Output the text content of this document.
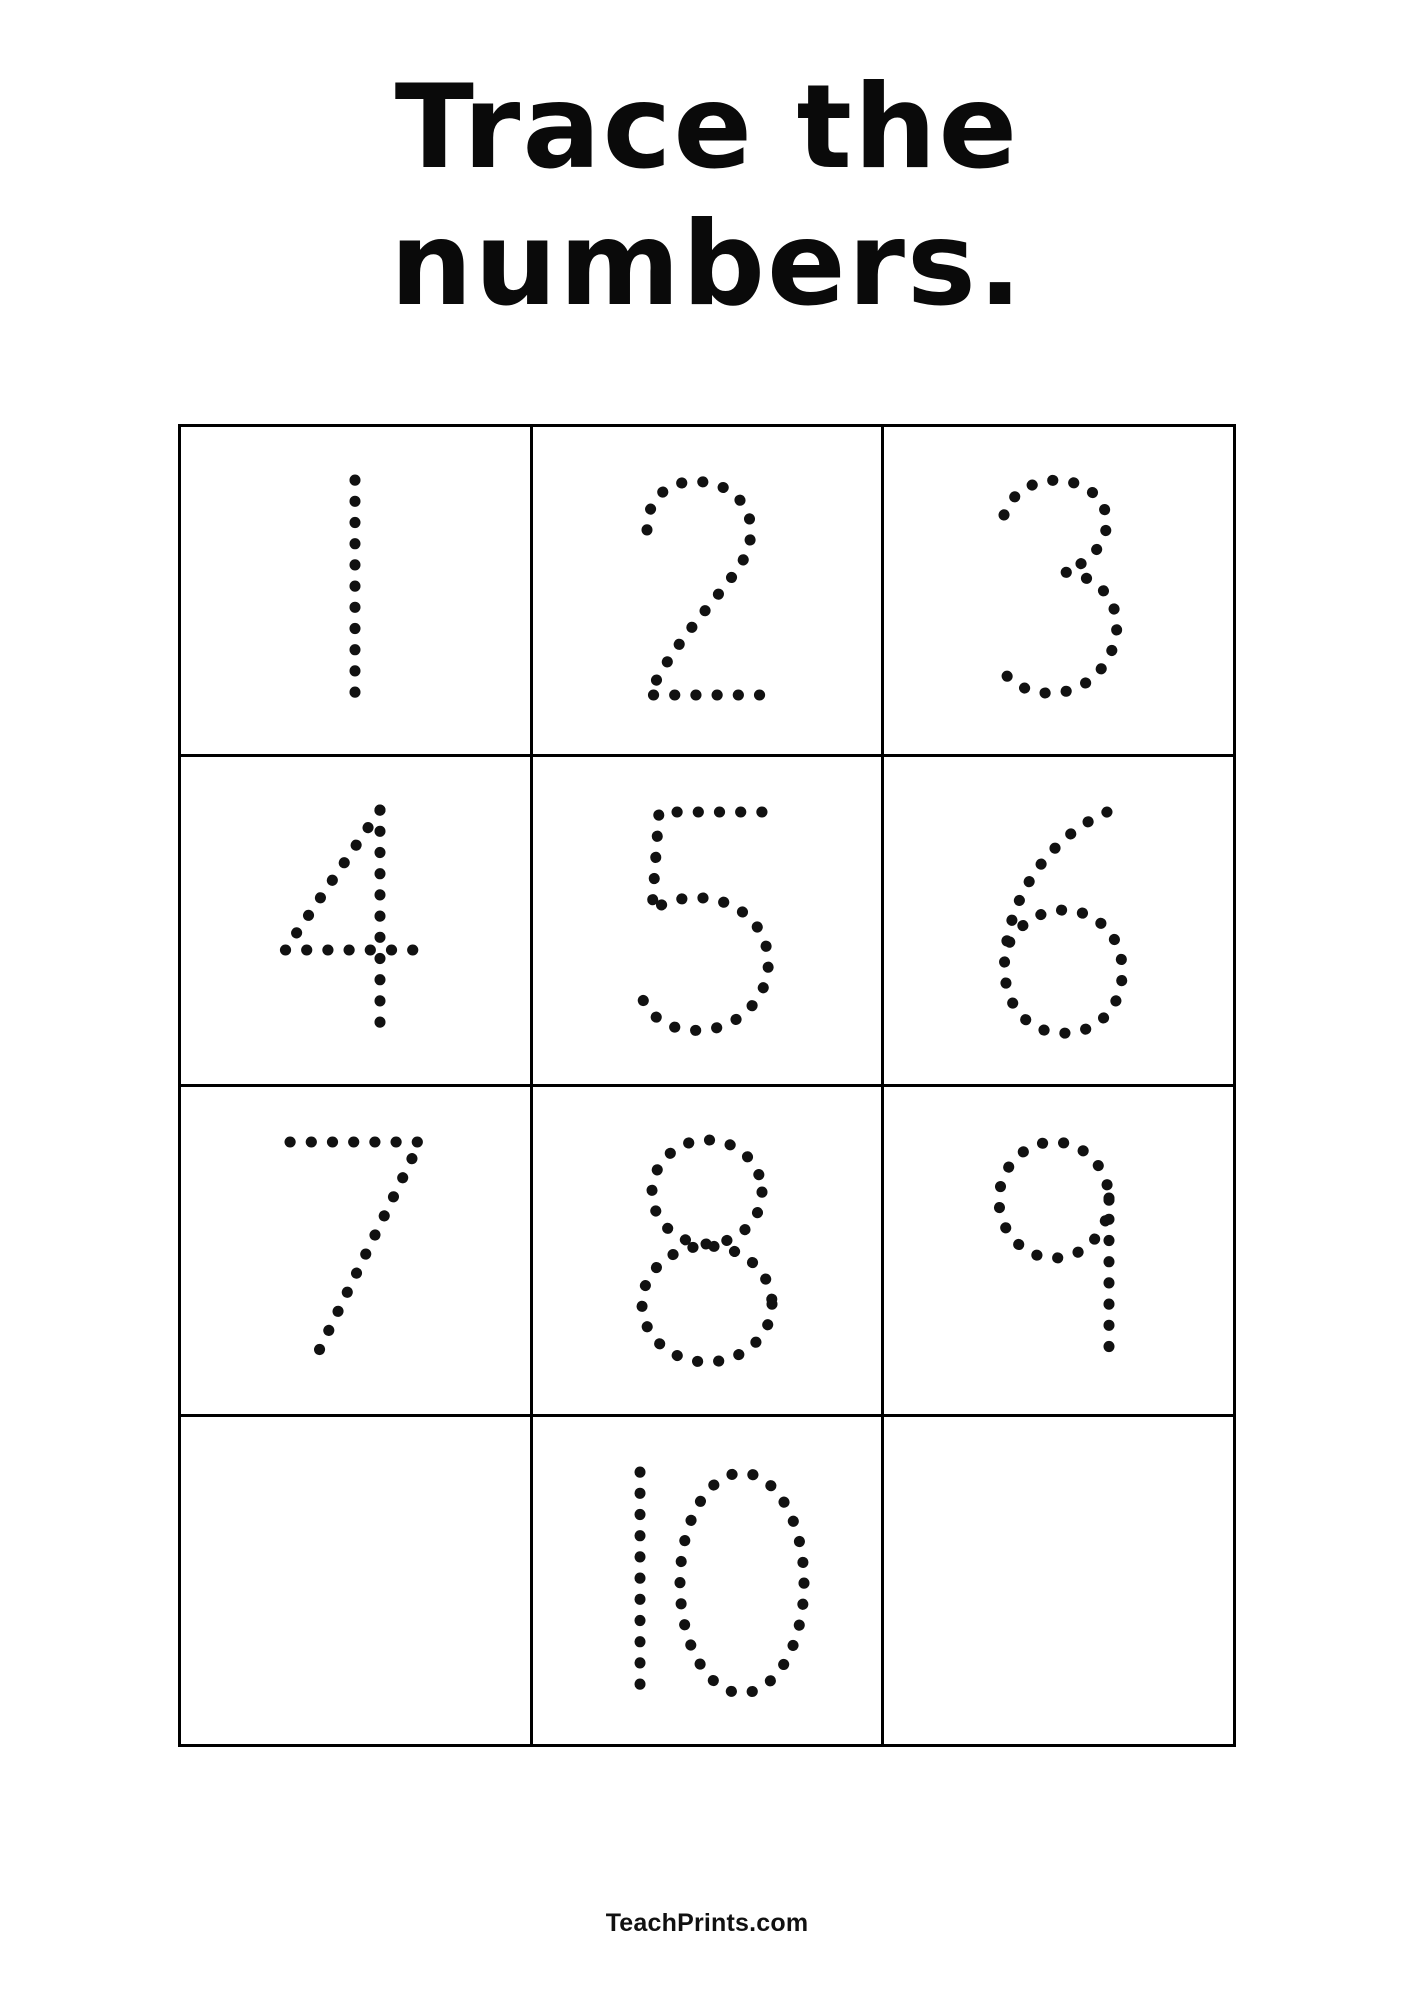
Trace the
numbers.
TeachPrints.com
